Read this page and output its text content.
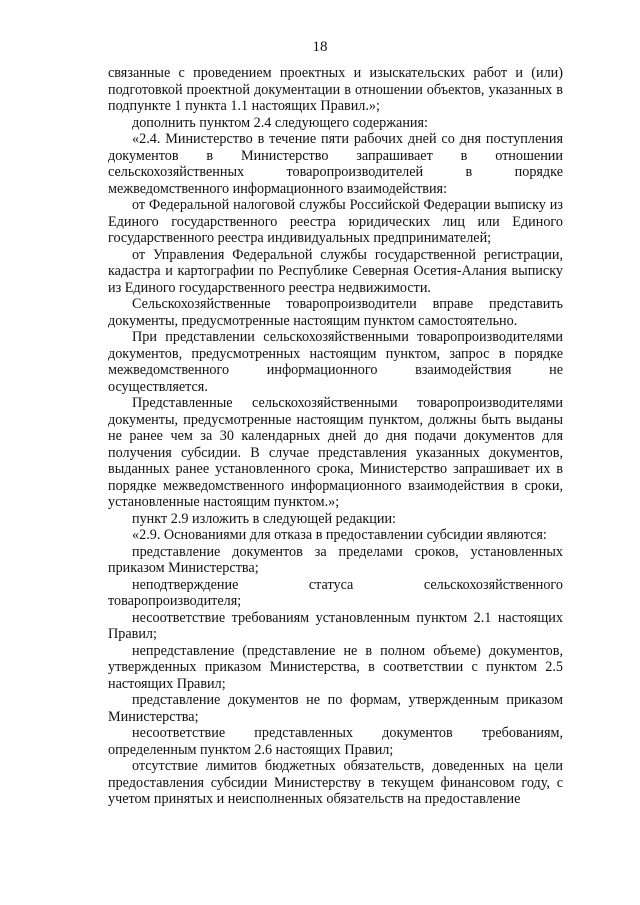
18

связанные с проведением проектных и изыскательских работ и (или) подготовкой проектной документации в отношении объектов, указанных в подпункте 1 пункта 1.1 настоящих Правил.»;

дополнить пунктом 2.4 следующего содержания:

«2.4. Министерство в течение пяти рабочих дней со дня поступления документов в Министерство запрашивает в отношении сельскохозяйственных товаропроизводителей в порядке межведомственного информационного взаимодействия:

от Федеральной налоговой службы Российской Федерации выписку из Единого государственного реестра юридических лиц или Единого государственного реестра индивидуальных предпринимателей;

от Управления Федеральной службы государственной регистрации, кадастра и картографии по Республике Северная Осетия-Алания выписку из Единого государственного реестра недвижимости.

Сельскохозяйственные товаропроизводители вправе представить документы, предусмотренные настоящим пунктом самостоятельно.

При представлении сельскохозяйственными товаропроизводителями документов, предусмотренных настоящим пунктом, запрос в порядке межведомственного информационного взаимодействия не осуществляется.

Представленные сельскохозяйственными товаропроизводителями документы, предусмотренные настоящим пунктом, должны быть выданы не ранее чем за 30 календарных дней до дня подачи документов для получения субсидии. В случае представления указанных документов, выданных ранее установленного срока, Министерство запрашивает их в порядке межведомственного информационного взаимодействия в сроки, установленные настоящим пунктом.»;

пункт 2.9 изложить в следующей редакции:

«2.9. Основаниями для отказа в предоставлении субсидии являются:

представление документов за пределами сроков, установленных приказом Министерства;

неподтверждение статуса сельскохозяйственного товаропроизводителя;

несоответствие требованиям установленным пунктом 2.1 настоящих Правил;

непредставление (представление не в полном объеме) документов, утвержденных приказом Министерства, в соответствии с пунктом 2.5 настоящих Правил;

представление документов не по формам, утвержденным приказом Министерства;

несоответствие представленных документов требованиям, определенным пунктом 2.6 настоящих Правил;

отсутствие лимитов бюджетных обязательств, доведенных на цели предоставления субсидии Министерству в текущем финансовом году, с учетом принятых и неисполненных обязательств на предоставление
